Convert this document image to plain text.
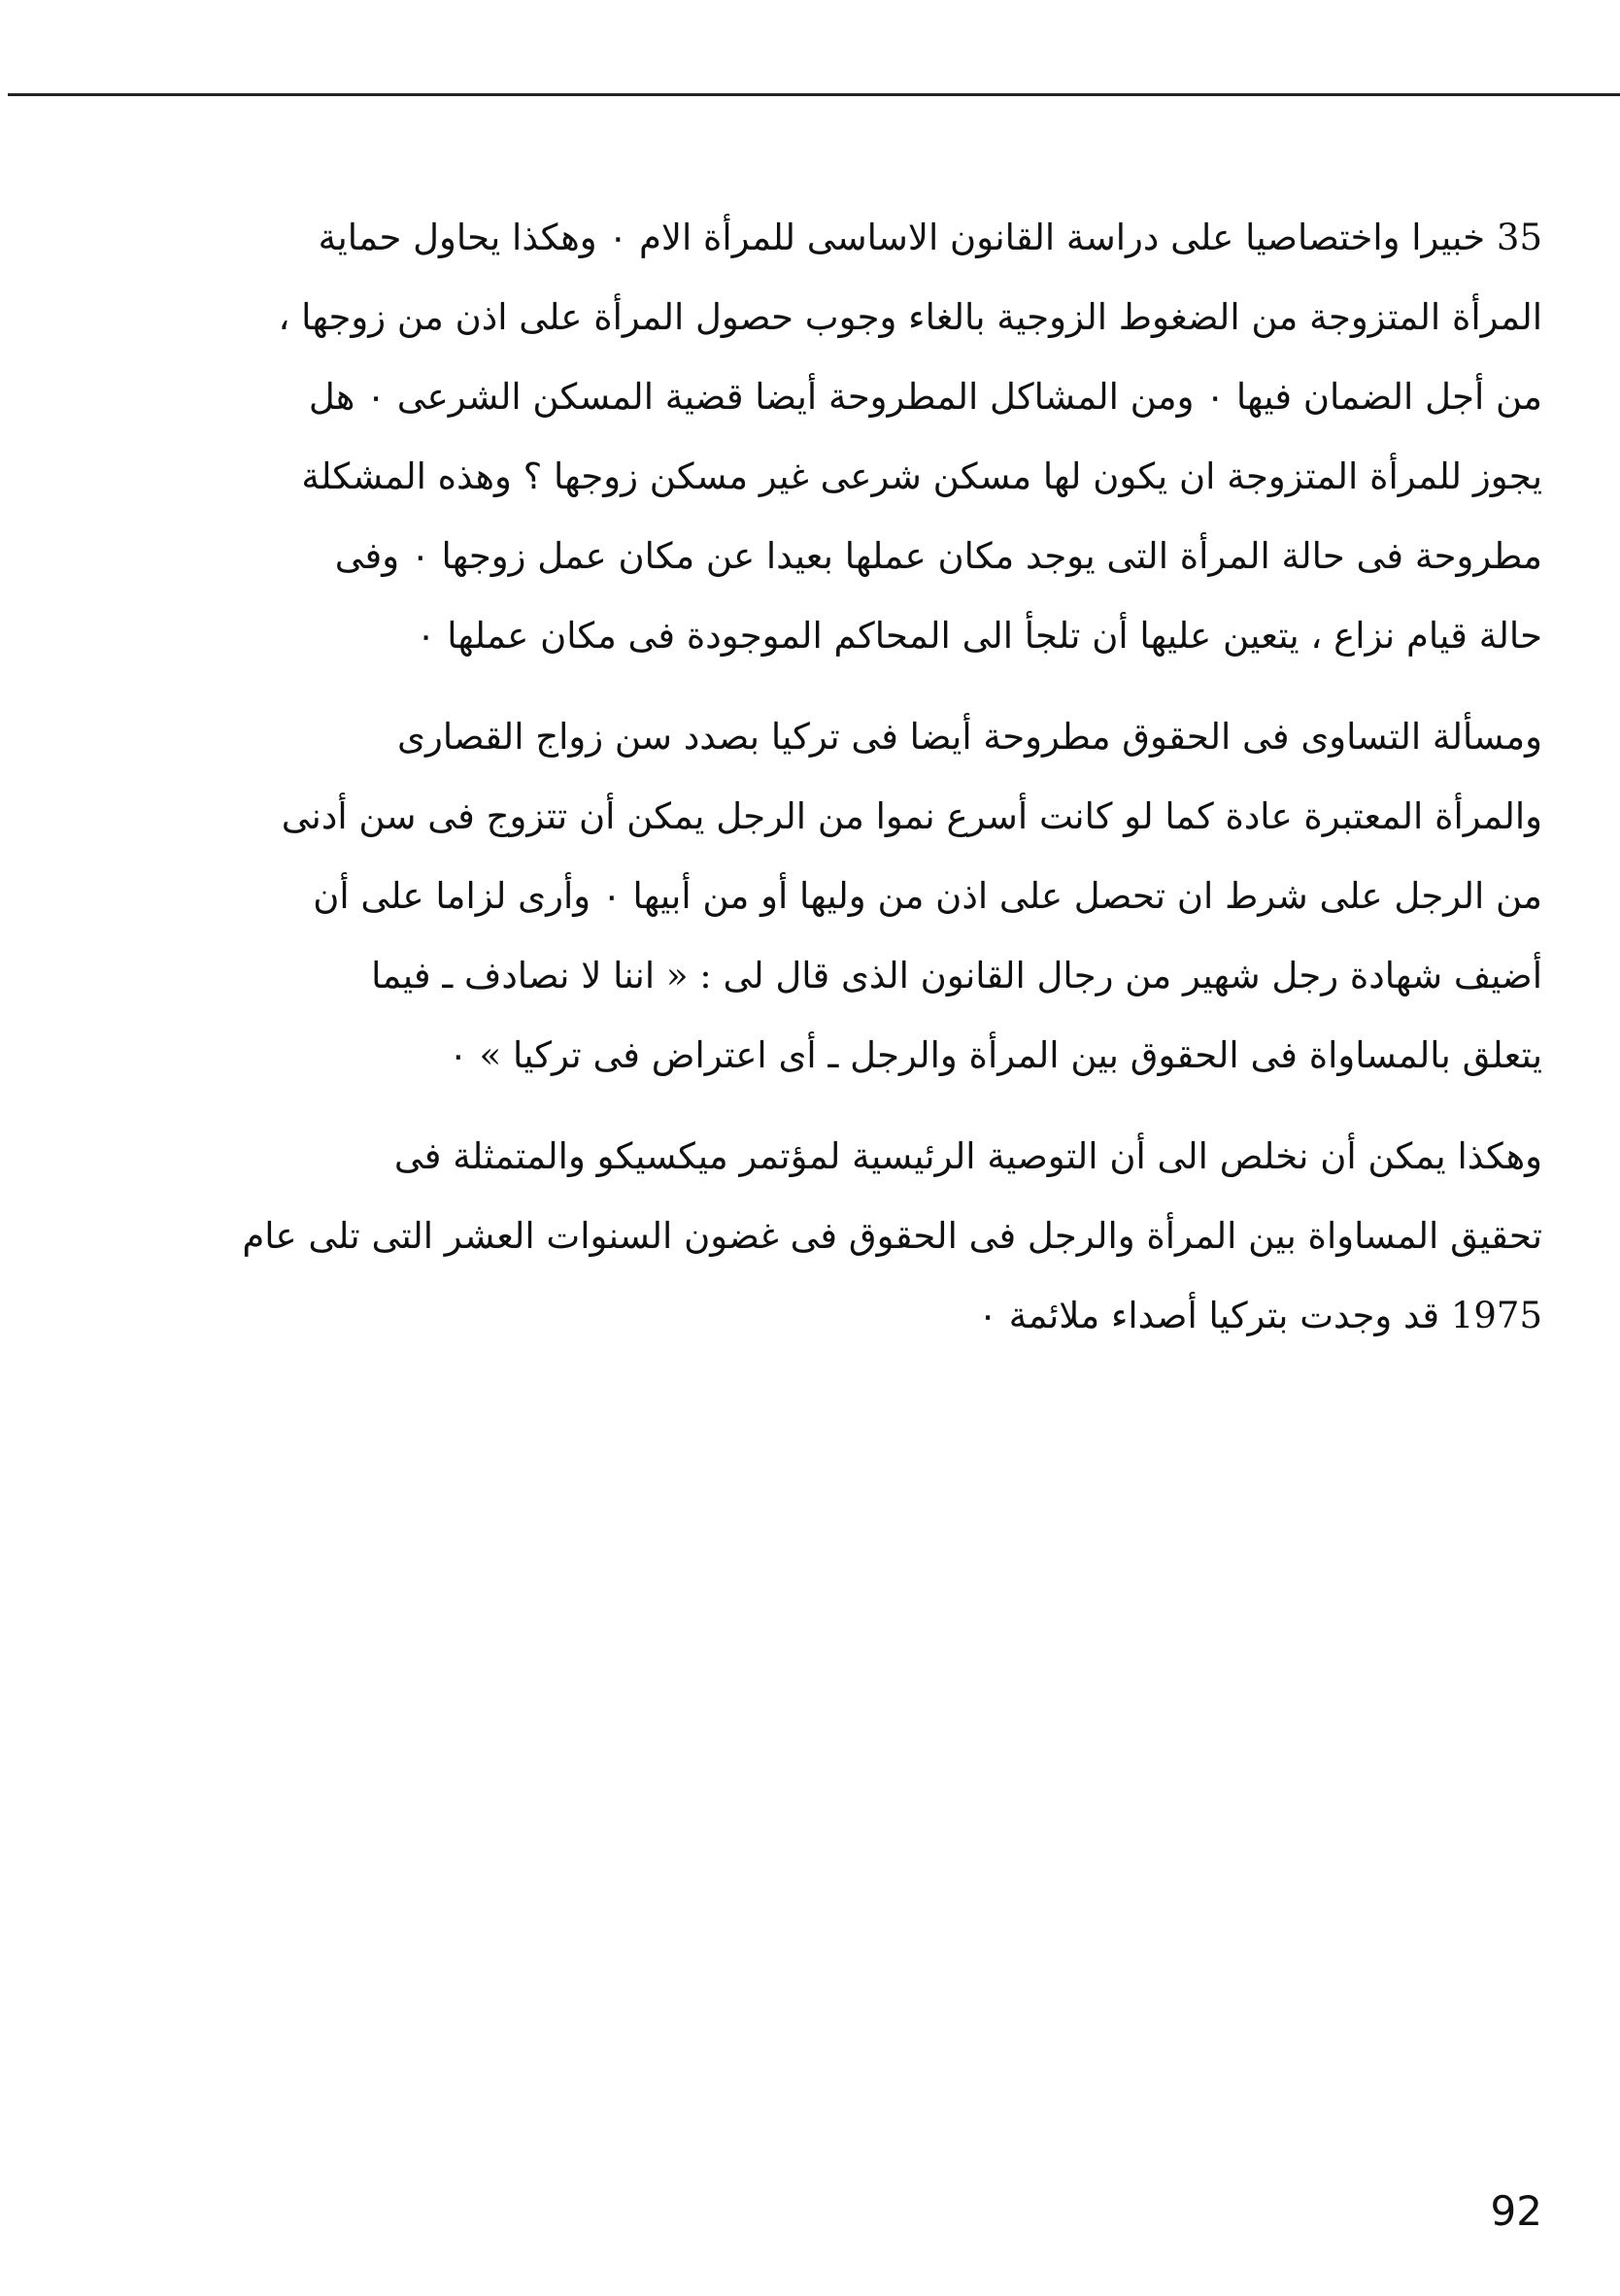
35 خبيرا واختصاصيا على دراسة القانون الاساسى للمرأة الام ٠ وهكذا يحاول حماية
المرأة المتزوجة من الضغوط الزوجية بالغاء وجوب حصول المرأة على اذن من زوجها ،
من أجل الضمان فيها ٠ ومن المشاكل المطروحة أيضا قضية المسكن الشرعى ٠ هل
يجوز للمرأة المتزوجة ان يكون لها مسكن شرعى غير مسكن زوجها ؟ وهذه المشكلة
مطروحة فى حالة المرأة التى يوجد مكان عملها بعيدا عن مكان عمل زوجها ٠ وفى
حالة قيام نزاع ، يتعين عليها أن تلجأ الى المحاكم الموجودة فى مكان عملها ٠
ومسألة التساوى فى الحقوق مطروحة أيضا فى تركيا بصدد سن زواج القصارى
والمرأة المعتبرة عادة كما لو كانت أسرع نموا من الرجل يمكن أن تتزوج فى سن أدنى
من الرجل على شرط ان تحصل على اذن من وليها أو من أبيها ٠ وأرى لزاما على أن
أضيف شهادة رجل شهير من رجال القانون الذى قال لى : « اننا لا نصادف ـ فيما
يتعلق بالمساواة فى الحقوق بين المرأة والرجل ـ أى اعتراض فى تركيا » ٠
وهكذا يمكن أن نخلص الى أن التوصية الرئيسية لمؤتمر ميكسيكو والمتمثلة فى
تحقيق المساواة بين المرأة والرجل فى الحقوق فى غضون السنوات العشر التى تلى عام
1975 قد وجدت بتركيا أصداء ملائمة ٠
92
